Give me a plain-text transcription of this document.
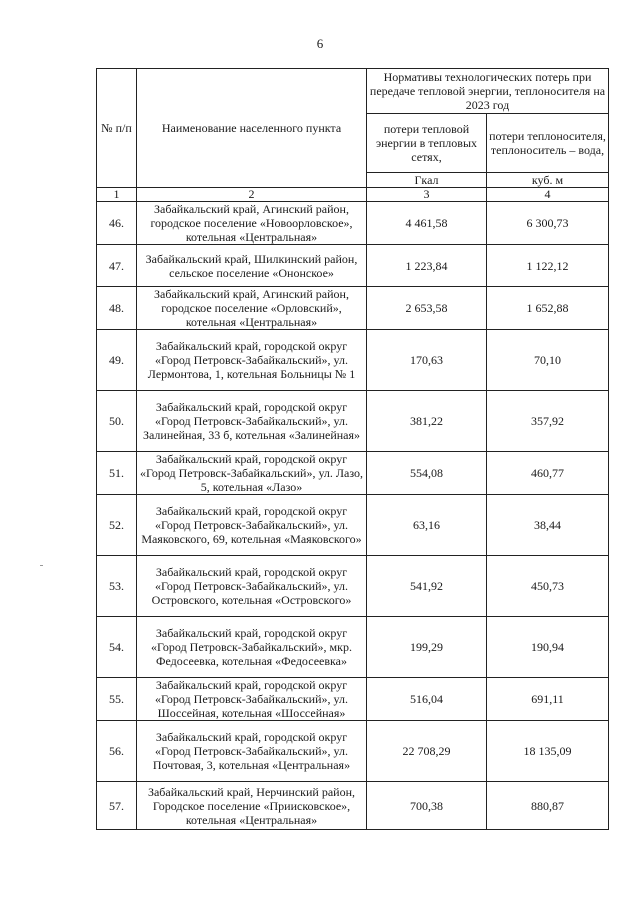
6
№ п/п	Наименование населенного пункта	Нормативы технологических потерь при передаче тепловой энергии, теплоносителя на 2023 год	
		потери тепловой энергии в тепловых сетях,	потери теплоносителя, теплоноситель – вода,
		Гкал	куб. м
1	2	3	4
46.	Забайкальский край, Агинский район, городское поселение «Новоорловское», котельная «Центральная»	4 461,58	6 300,73
47.	Забайкальский край, Шилкинский район, сельское поселение «Ононское»	1 223,84	1 122,12
48.	Забайкальский край, Агинский район, городское поселение «Орловский», котельная «Центральная»	2 653,58	1 652,88
49.	Забайкальский край, городской округ «Город Петровск-Забайкальский», ул. Лермонтова, 1, котельная Больницы № 1	170,63	70,10
50.	Забайкальский край, городской округ «Город Петровск-Забайкальский», ул. Залинейная, 33 б, котельная «Залинейная»	381,22	357,92
51.	Забайкальский край, городской округ «Город Петровск-Забайкальский», ул. Лазо, 5, котельная «Лазо»	554,08	460,77
52.	Забайкальский край, городской округ «Город Петровск-Забайкальский», ул. Маяковского, 69, котельная «Маяковского»	63,16	38,44
53.	Забайкальский край, городской округ «Город Петровск-Забайкальский», ул. Островского, котельная «Островского»	541,92	450,73
54.	Забайкальский край, городской округ «Город Петровск-Забайкальский», мкр. Федосеевка, котельная «Федосеевка»	199,29	190,94
55.	Забайкальский край, городской округ «Город Петровск-Забайкальский», ул. Шоссейная, котельная «Шоссейная»	516,04	691,11
56.	Забайкальский край, городской округ «Город Петровск-Забайкальский», ул. Почтовая, 3, котельная «Центральная»	22 708,29	18 135,09
57.	Забайкальский край, Нерчинский район, Городское поселение «Приисковское», котельная «Центральная»	700,38	880,87
